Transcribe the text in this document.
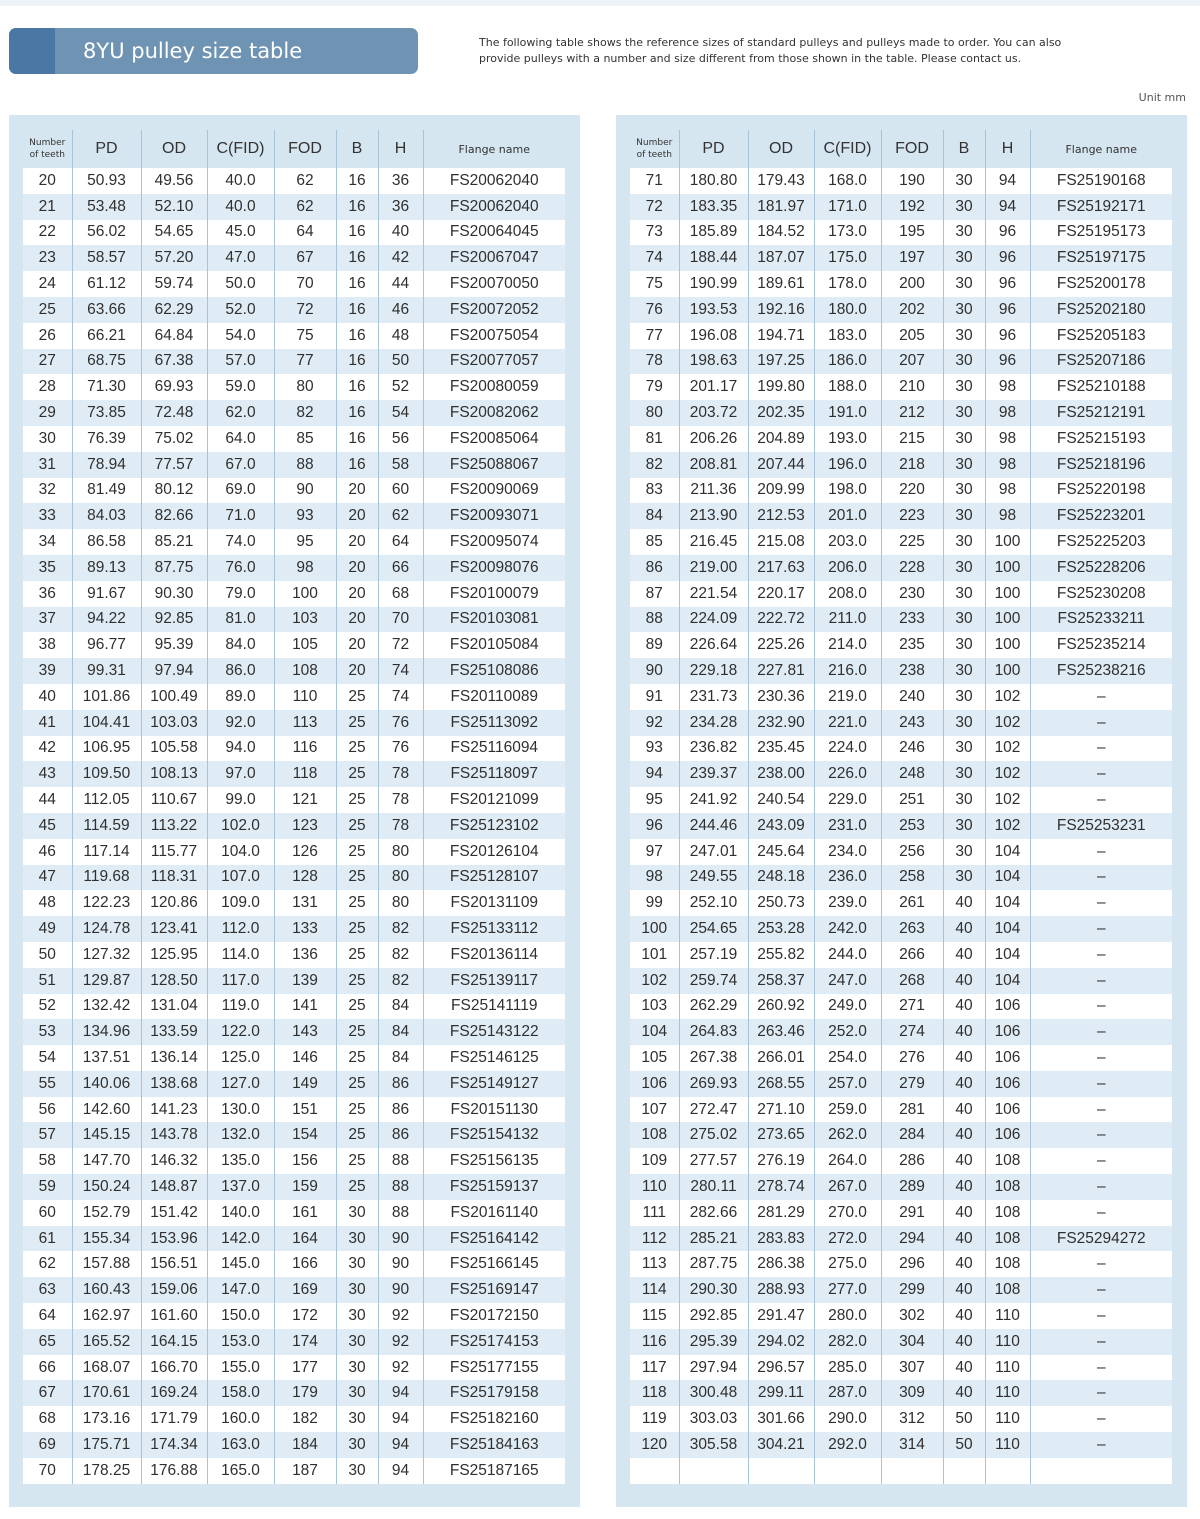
8YU pulley size table	The following table shows the reference sizes of standard pulleys and pulleys made to order. You can also provide pulleys with a number and size different from those shown in the table. Please contact us.
Unit mm
Number
of teeth	PD	OD	C(FID)	FOD	B	H	Flange name
20	50.93	49.56	40.0	62	16	36	FS20062040
21	53.48	52.10	40.0	62	16	36	FS20062040
22	56.02	54.65	45.0	64	16	40	FS20064045
23	58.57	57.20	47.0	67	16	42	FS20067047
24	61.12	59.74	50.0	70	16	44	FS20070050
25	63.66	62.29	52.0	72	16	46	FS20072052
26	66.21	64.84	54.0	75	16	48	FS20075054
27	68.75	67.38	57.0	77	16	50	FS20077057
28	71.30	69.93	59.0	80	16	52	FS20080059
29	73.85	72.48	62.0	82	16	54	FS20082062
30	76.39	75.02	64.0	85	16	56	FS20085064
31	78.94	77.57	67.0	88	16	58	FS25088067
32	81.49	80.12	69.0	90	20	60	FS20090069
33	84.03	82.66	71.0	93	20	62	FS20093071
34	86.58	85.21	74.0	95	20	64	FS20095074
35	89.13	87.75	76.0	98	20	66	FS20098076
36	91.67	90.30	79.0	100	20	68	FS20100079
37	94.22	92.85	81.0	103	20	70	FS20103081
38	96.77	95.39	84.0	105	20	72	FS20105084
39	99.31	97.94	86.0	108	20	74	FS25108086
40	101.86	100.49	89.0	110	25	74	FS20110089
41	104.41	103.03	92.0	113	25	76	FS25113092
42	106.95	105.58	94.0	116	25	76	FS25116094
43	109.50	108.13	97.0	118	25	78	FS25118097
44	112.05	110.67	99.0	121	25	78	FS20121099
45	114.59	113.22	102.0	123	25	78	FS25123102
46	117.14	115.77	104.0	126	25	80	FS20126104
47	119.68	118.31	107.0	128	25	80	FS25128107
48	122.23	120.86	109.0	131	25	80	FS20131109
49	124.78	123.41	112.0	133	25	82	FS25133112
50	127.32	125.95	114.0	136	25	82	FS20136114
51	129.87	128.50	117.0	139	25	82	FS25139117
52	132.42	131.04	119.0	141	25	84	FS25141119
53	134.96	133.59	122.0	143	25	84	FS25143122
54	137.51	136.14	125.0	146	25	84	FS25146125
55	140.06	138.68	127.0	149	25	86	FS25149127
56	142.60	141.23	130.0	151	25	86	FS20151130
57	145.15	143.78	132.0	154	25	86	FS25154132
58	147.70	146.32	135.0	156	25	88	FS25156135
59	150.24	148.87	137.0	159	25	88	FS25159137
60	152.79	151.42	140.0	161	30	88	FS20161140
61	155.34	153.96	142.0	164	30	90	FS25164142
62	157.88	156.51	145.0	166	30	90	FS25166145
63	160.43	159.06	147.0	169	30	90	FS25169147
64	162.97	161.60	150.0	172	30	92	FS20172150
65	165.52	164.15	153.0	174	30	92	FS25174153
66	168.07	166.70	155.0	177	30	92	FS25177155
67	170.61	169.24	158.0	179	30	94	FS25179158
68	173.16	171.79	160.0	182	30	94	FS25182160
69	175.71	174.34	163.0	184	30	94	FS25184163
70	178.25	176.88	165.0	187	30	94	FS25187165
Number
of teeth	PD	OD	C(FID)	FOD	B	H	Flange name
71	180.80	179.43	168.0	190	30	94	FS25190168
72	183.35	181.97	171.0	192	30	94	FS25192171
73	185.89	184.52	173.0	195	30	96	FS25195173
74	188.44	187.07	175.0	197	30	96	FS25197175
75	190.99	189.61	178.0	200	30	96	FS25200178
76	193.53	192.16	180.0	202	30	96	FS25202180
77	196.08	194.71	183.0	205	30	96	FS25205183
78	198.63	197.25	186.0	207	30	96	FS25207186
79	201.17	199.80	188.0	210	30	98	FS25210188
80	203.72	202.35	191.0	212	30	98	FS25212191
81	206.26	204.89	193.0	215	30	98	FS25215193
82	208.81	207.44	196.0	218	30	98	FS25218196
83	211.36	209.99	198.0	220	30	98	FS25220198
84	213.90	212.53	201.0	223	30	98	FS25223201
85	216.45	215.08	203.0	225	30	100	FS25225203
86	219.00	217.63	206.0	228	30	100	FS25228206
87	221.54	220.17	208.0	230	30	100	FS25230208
88	224.09	222.72	211.0	233	30	100	FS25233211
89	226.64	225.26	214.0	235	30	100	FS25235214
90	229.18	227.81	216.0	238	30	100	FS25238216
91	231.73	230.36	219.0	240	30	102	–
92	234.28	232.90	221.0	243	30	102	–
93	236.82	235.45	224.0	246	30	102	–
94	239.37	238.00	226.0	248	30	102	–
95	241.92	240.54	229.0	251	30	102	–
96	244.46	243.09	231.0	253	30	102	FS25253231
97	247.01	245.64	234.0	256	30	104	–
98	249.55	248.18	236.0	258	30	104	–
99	252.10	250.73	239.0	261	40	104	–
100	254.65	253.28	242.0	263	40	104	–
101	257.19	255.82	244.0	266	40	104	–
102	259.74	258.37	247.0	268	40	104	–
103	262.29	260.92	249.0	271	40	106	–
104	264.83	263.46	252.0	274	40	106	–
105	267.38	266.01	254.0	276	40	106	–
106	269.93	268.55	257.0	279	40	106	–
107	272.47	271.10	259.0	281	40	106	–
108	275.02	273.65	262.0	284	40	106	–
109	277.57	276.19	264.0	286	40	108	–
110	280.11	278.74	267.0	289	40	108	–
111	282.66	281.29	270.0	291	40	108	–
112	285.21	283.83	272.0	294	40	108	FS25294272
113	287.75	286.38	275.0	296	40	108	–
114	290.30	288.93	277.0	299	40	108	–
115	292.85	291.47	280.0	302	40	110	–
116	295.39	294.02	282.0	304	40	110	–
117	297.94	296.57	285.0	307	40	110	–
118	300.48	299.11	287.0	309	40	110	–
119	303.03	301.66	290.0	312	50	110	–
120	305.58	304.21	292.0	314	50	110	–
